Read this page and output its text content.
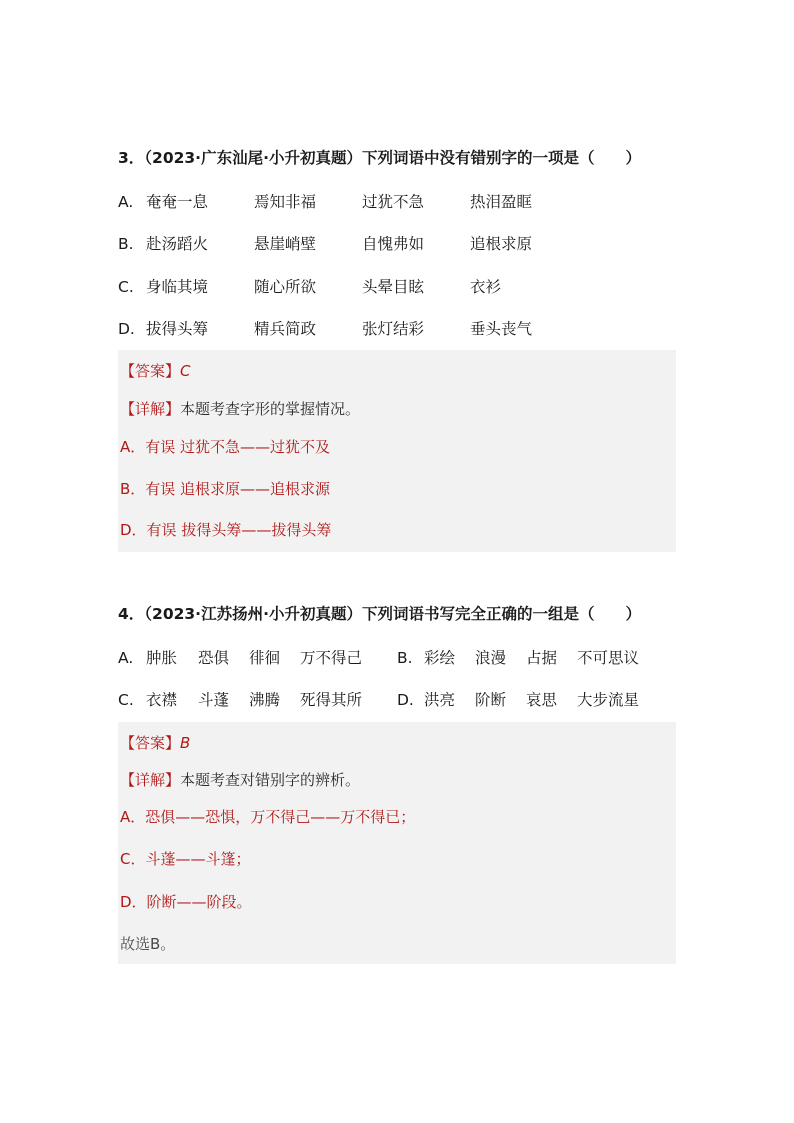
3．（2023·广东汕尾·小升初真题）下列词语中没有错别字的一项是（　　）
A. 奄奄一息	焉知非福	过犹不急	热泪盈眶
B. 赴汤蹈火	悬崖峭壁	自愧弗如	追根求原
C. 身临其境	随心所欲	头晕目眩	衣衫
D. 拔得头筹	精兵简政	张灯结彩	垂头丧气
【答案】C
【详解】本题考查字形的掌握情况。
A．有误 过犹不急——过犹不及
B．有误 追根求原——追根求源
D．有误 拔得头筹——拔得头筹
4．（2023·江苏扬州·小升初真题）下列词语书写完全正确的一组是（　　）
A. 肿胀 恐俱 徘徊 万不得己 B. 彩绘 浪漫 占据 不可思议
C. 衣襟 斗蓬 沸腾 死得其所 D. 洪亮 阶断 哀思 大步流星
【答案】B
【详解】本题考查对错别字的辨析。
A．恐俱——恐惧，万不得己——万不得已；
C．斗蓬——斗篷；
D．阶断——阶段。
故选B。
